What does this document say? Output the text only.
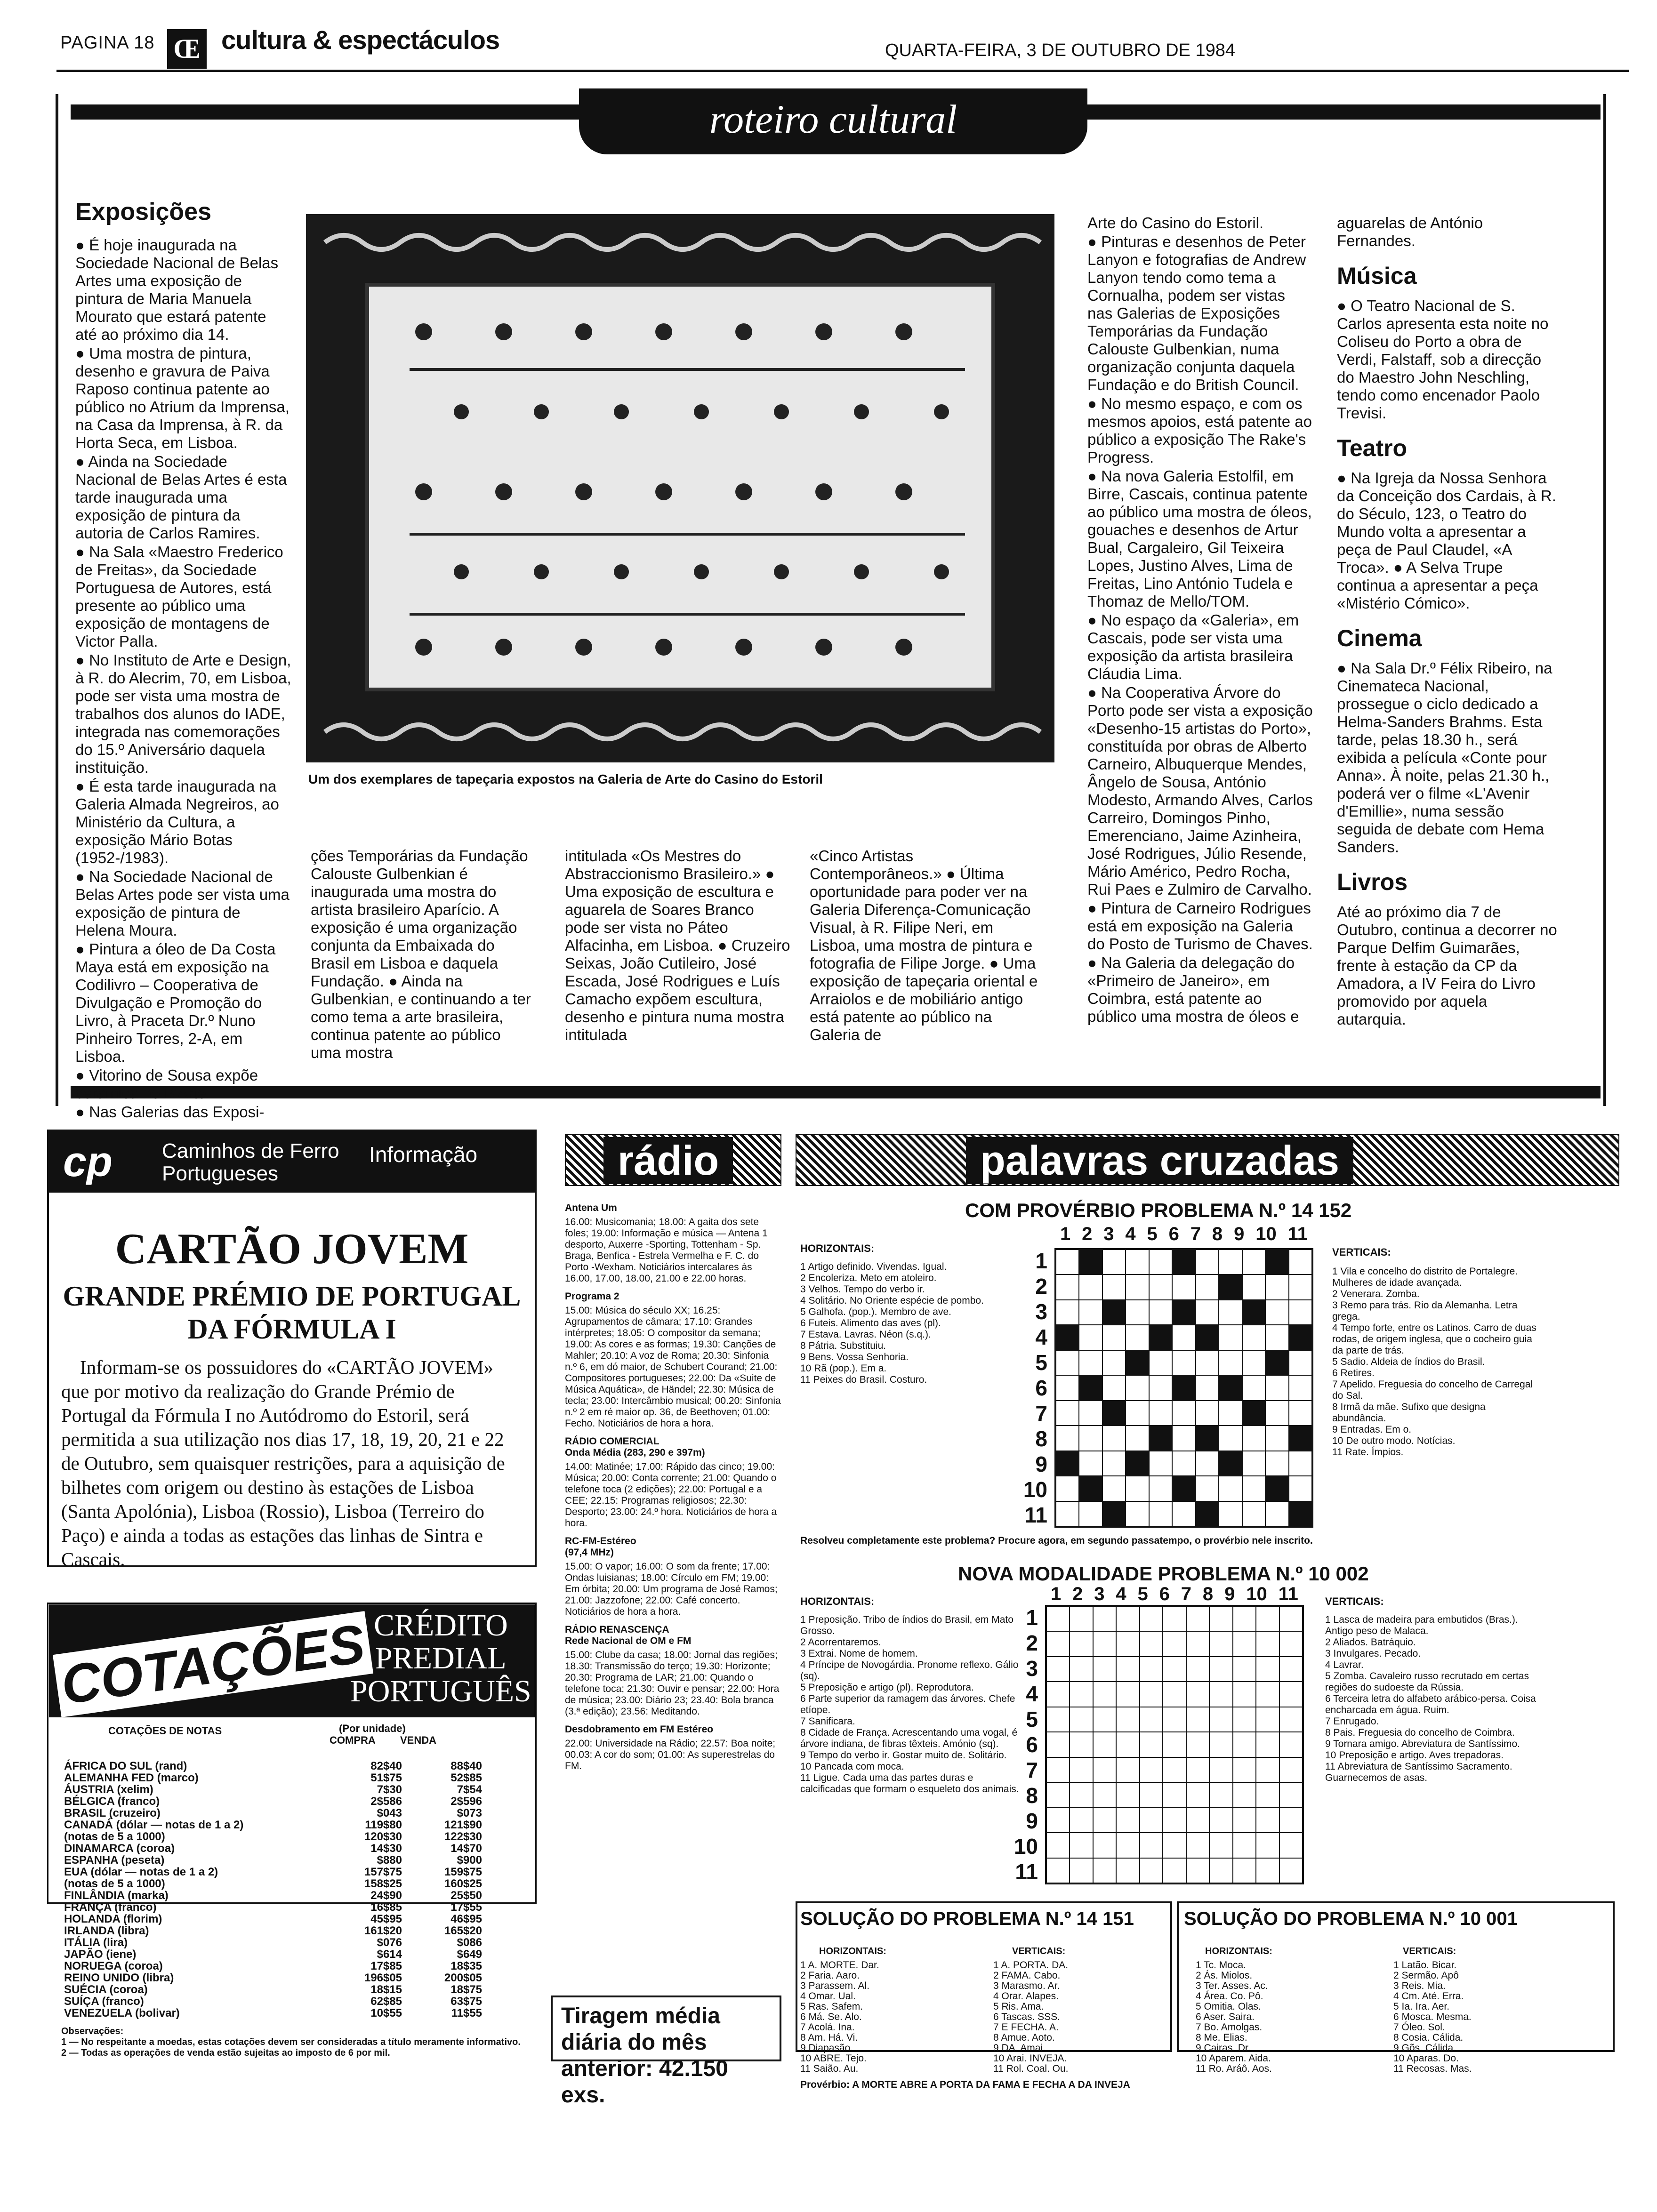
PAGINA 18 Œ cultura & espectáculos	QUARTA-FEIRA, 3 DE OUTUBRO DE 1984
roteiro cultural
Exposições

● É hoje inaugurada na Sociedade Nacional de Belas Artes uma exposição de pintura de Maria Manuela Mourato que estará patente até ao próximo dia 14.

● Uma mostra de pintura, desenho e gravura de Paiva Raposo continua patente ao público no Atrium da Imprensa, na Casa da Imprensa, à R. da Horta Seca, em Lisboa.

● Ainda na Sociedade Nacional de Belas Artes é esta tarde inaugurada uma exposição de pintura da autoria de Carlos Ramires.

● Na Sala «Maestro Frederico de Freitas», da Sociedade Portuguesa de Autores, está presente ao público uma exposição de montagens de Victor Palla.

● No Instituto de Arte e Design, à R. do Alecrim, 70, em Lisboa, pode ser vista uma mostra de trabalhos dos alunos do IADE, integrada nas comemorações do 15.º Aniversário daquela instituição.

● É esta tarde inaugurada na Galeria Almada Negreiros, ao Ministério da Cultura, a exposição Mário Botas (1952-/1983).

● Na Sociedade Nacional de Belas Artes pode ser vista uma exposição de pintura de Helena Moura.

● Pintura a óleo de Da Costa Maya está em exposição na Codilivro – Cooperativa de Divulgação e Promoção do Livro, à Praceta Dr.º Nuno Pinheiro Torres, 2-A, em Lisboa.

● Vitorino de Sousa expõe cerâmica no B'Arte.

● Nas Galerias das Exposi-

Um dos exemplares de tapeçaria expostos na Galeria de Arte do Casino do Estoril
ções Temporárias da Fundação Calouste Gulbenkian é inaugurada uma mostra do artista brasileiro Aparício. A exposição é uma organização conjunta da Embaixada do Brasil em Lisboa e daquela Fundação. ● Ainda na Gulbenkian, e continuando a ter como tema a arte brasileira, continua patente ao público uma mostra
intitulada «Os Mestres do Abstraccionismo Brasileiro.» ● Uma exposição de escultura e aguarela de Soares Branco pode ser vista no Páteo Alfacinha, em Lisboa. ● Cruzeiro Seixas, João Cutileiro, José Escada, José Rodrigues e Luís Camacho expõem escultura, desenho e pintura numa mostra intitulada
«Cinco Artistas Contemporâneos.» ● Última oportunidade para poder ver na Galeria Diferença-Comunicação Visual, à R. Filipe Neri, em Lisboa, uma mostra de pintura e fotografia de Filipe Jorge. ● Uma exposição de tapeçaria oriental e Arraiolos e de mobiliário antigo está patente ao público na Galeria de

Arte do Casino do Estoril.

● Pinturas e desenhos de Peter Lanyon e fotografias de Andrew Lanyon tendo como tema a Cornualha, podem ser vistas nas Galerias de Exposições Temporárias da Fundação Calouste Gulbenkian, numa organização conjunta daquela Fundação e do British Council.

● No mesmo espaço, e com os mesmos apoios, está patente ao público a exposição The Rake's Progress.

● Na nova Galeria Estolfil, em Birre, Cascais, continua patente ao público uma mostra de óleos, gouaches e desenhos de Artur Bual, Cargaleiro, Gil Teixeira Lopes, Justino Alves, Lima de Freitas, Lino António Tudela e Thomaz de Mello/TOM.

● No espaço da «Galeria», em Cascais, pode ser vista uma exposição da artista brasileira Cláudia Lima.

● Na Cooperativa Árvore do Porto pode ser vista a exposição «Desenho-15 artistas do Porto», constituída por obras de Alberto Carneiro, Albuquerque Mendes, Ângelo de Sousa, António Modesto, Armando Alves, Carlos Carreiro, Domingos Pinho, Emerenciano, Jaime Azinheira, José Rodrigues, Júlio Resende, Mário Américo, Pedro Rocha, Rui Paes e Zulmiro de Carvalho.

● Pintura de Carneiro Rodrigues está em exposição na Galeria do Posto de Turismo de Chaves.

● Na Galeria da delegação do «Primeiro de Janeiro», em Coimbra, está patente ao público uma mostra de óleos e

aguarelas de António Fernandes.

Música

● O Teatro Nacional de S. Carlos apresenta esta noite no Coliseu do Porto a obra de Verdi, Falstaff, sob a direcção do Maestro John Neschling, tendo como encenador Paolo Trevisi.

Teatro

● Na Igreja da Nossa Senhora da Conceição dos Cardais, à R. do Século, 123, o Teatro do Mundo volta a apresentar a peça de Paul Claudel, «A Troca». ● A Selva Trupe continua a apresentar a peça «Mistério Cómico».

Cinema

● Na Sala Dr.º Félix Ribeiro, na Cinemateca Nacional, prossegue o ciclo dedicado a Helma-Sanders Brahms. Esta tarde, pelas 18.30 h., será exibida a película «Conte pour Anna». À noite, pelas 21.30 h., poderá ver o filme «L'Avenir d'Emillie», numa sessão seguida de debate com Hema Sanders.

Livros

Até ao próximo dia 7 de Outubro, continua a decorrer no Parque Delfim Guimarães, frente à estação da CP da Amadora, a IV Feira do Livro promovido por aquela autarquia.

cp Caminhos de Ferro
Portugueses
Informação
CARTÃO JOVEM
GRANDE PRÉMIO DE PORTUGAL
DA FÓRMULA I
Informam-se os possuidores do «CARTÃO JOVEM» que por motivo da realização do Grande Prémio de Portugal da Fórmula I no Autódromo do Estoril, será permitida a sua utilização nos dias 17, 18, 19, 20, 21 e 22 de Outubro, sem quaisquer restrições, para a aquisição de bilhetes com origem ou destino às estações de Lisboa (Santa Apolónia), Lisboa (Rossio), Lisboa (Terreiro do Paço) e ainda a todas as estações das linhas de Sintra e Cascais.
COTAÇÕES CRÉDITO
PREDIAL
PORTUGUÊS
COTAÇÕES DE NOTAS	(Por unidade)
COMPRA VENDA
ÁFRICA DO SUL (rand)	82$40	88$40
ALEMANHA FED (marco)	51$75	52$85
ÁUSTRIA (xelim)	7$30	7$54
BÉLGICA (franco)	2$586	2$596
BRASIL (cruzeiro)	$043	$073
CANADÁ (dólar — notas de 1 a 2)	119$80	121$90
(notas de 5 a 1000)	120$30	122$30
DINAMARCA (coroa)	14$30	14$70
ESPANHA (peseta)	$880	$900
EUA (dólar — notas de 1 a 2)	157$75	159$75
(notas de 5 a 1000)	158$25	160$25
FINLÂNDIA (marka)	24$90	25$50
FRANÇA (franco)	16$85	17$55
HOLANDA (florim)	45$95	46$95
IRLANDA (libra)	161$20	165$20
ITÁLIA (lira)	$076	$086
JAPÃO (iene)	$614	$649
NORUEGA (coroa)	17$85	18$35
REINO UNIDO (libra)	196$05	200$05
SUÉCIA (coroa)	18$15	18$75
SUÍÇA (franco)	62$85	63$75
VENEZUELA (bolivar)	10$55	11$55
Observações:
1 — No respeitante a moedas, estas cotações devem ser consideradas a título meramente informativo.
2 — Todas as operações de venda estão sujeitas ao imposto de 6 por mil.
rádio
Antena Um
16.00: Musicomania; 18.00: A gaita dos sete foles; 19.00: Informação e música — Antena 1 desporto, Auxerre -Sporting, Tottenham - Sp. Braga, Benfica - Estrela Vermelha e F. C. do Porto -Wexham. Noticiários intercalares às 16.00, 17.00, 18.00, 21.00 e 22.00 horas.
Programa 2
15.00: Música do século XX; 16.25: Agrupamentos de câmara; 17.10: Grandes intérpretes; 18.05: O compositor da semana; 19.00: As cores e as formas; 19.30: Canções de Mahler; 20.10: A voz de Roma; 20.30: Sinfonia n.º 6, em dó maior, de Schubert Courand; 21.00: Compositores portugueses; 22.00: Da «Suite de Música Aquática», de Händel; 22.30: Música de tecla; 23.00: Intercâmbio musical; 00.20: Sinfonia n.º 2 em ré maior op. 36, de Beethoven; 01.00: Fecho. Noticiários de hora a hora.
RÁDIO COMERCIAL
Onda Média (283, 290 e 397m)
14.00: Matinée; 17.00: Rápido das cinco; 19.00: Música; 20.00: Conta corrente; 21.00: Quando o telefone toca (2 edições); 22.00: Portugal e a CEE; 22.15: Programas religiosos; 22.30: Desporto; 23.00: 24.º hora. Noticiários de hora a hora.
RC-FM-Estéreo
(97,4 MHz)
15.00: O vapor; 16.00: O som da frente; 17.00: Ondas luisianas; 18.00: Círculo em FM; 19.00: Em órbita; 20.00: Um programa de José Ramos; 21.00: Jazzofone; 22.00: Café concerto. Noticiários de hora a hora.
RÁDIO RENASCENÇA
Rede Nacional de OM e FM
15.00: Clube da casa; 18.00: Jornal das regiões; 18.30: Transmissão do terço; 19.30: Horizonte; 20.30: Programa de LAR; 21.00: Quando o telefone toca; 21.30: Ouvir e pensar; 22.00: Hora de música; 23.00: Diário 23; 23.40: Bola branca (3.ª edição); 23.56: Meditando.
Desdobramento em FM Estéreo
22.00: Universidade na Rádio; 22.57: Boa noite; 00.03: A cor do som; 01.00: As superestrelas do FM.
Tiragem média diária do mês anterior: 42.150 exs.
palavras cruzadas
COM PROVÉRBIO PROBLEMA N.º 14 152
HORIZONTAIS:
1 Artigo definido. Vivendas. Igual.
2 Encoleriza. Meto em atoleiro.
3 Velhos. Tempo do verbo ir.
4 Solitário. No Oriente espécie de pombo.
5 Galhofa. (pop.). Membro de ave.
6 Futeis. Alimento das aves (pl).
7 Estava. Lavras. Néon (s.q.).
8 Pátria. Substituiu.
9 Bens. Vossa Senhoria.
10 Rã (pop.). Em a.
11 Peixes do Brasil. Costuro.
1 2 3 4 5 6 7 8 9 10 11
1
2
3
4
5
6
7
8
9
10
11
VERTICAIS:
1 Vila e concelho do distrito de Portalegre. Mulheres de idade avançada.
2 Venerara. Zomba.
3 Remo para trás. Rio da Alemanha. Letra grega.
4 Tempo forte, entre os Latinos. Carro de duas rodas, de origem inglesa, que o cocheiro guia da parte de trás.
5 Sadio. Aldeia de índios do Brasil.
6 Retires.
7 Apelido. Freguesia do concelho de Carregal do Sal.
8 Irmã da mãe. Sufixo que designa abundância.
9 Entradas. Em o.
10 De outro modo. Notícias.
11 Rate. Ímpios.
Resolveu completamente este problema? Procure agora, em segundo passatempo, o provérbio nele inscrito.
NOVA MODALIDADE PROBLEMA N.º 10 002
HORIZONTAIS:
1 Preposição. Tribo de índios do Brasil, em Mato Grosso.
2 Acorrentaremos.
3 Extrai. Nome de homem.
4 Príncipe de Novogárdia. Pronome reflexo. Gálio (sq).
5 Preposição e artigo (pl). Reprodutora.
6 Parte superior da ramagem das árvores. Chefe etíope.
7 Sanificara.
8 Cidade de França. Acrescentando uma vogal, é árvore indiana, de fibras têxteis. Amónio (sq).
9 Tempo do verbo ir. Gostar muito de. Solitário.
10 Pancada com moca.
11 Ligue. Cada uma das partes duras e calcificadas que formam o esqueleto dos animais.
1 2 3 4 5 6 7 8 9 10 11
1
2
3
4
5
6
7
8
9
10
11
VERTICAIS:
1 Lasca de madeira para embutidos (Bras.). Antigo peso de Malaca.
2 Aliados. Batráquio.
3 Invulgares. Pecado.
4 Lavrar.
5 Zomba. Cavaleiro russo recrutado em certas regiões do sudoeste da Rússia.
6 Terceira letra do alfabeto arábico-persa. Coisa encharcada em água. Ruim.
7 Enrugado.
8 Pais. Freguesia do concelho de Coimbra.
9 Tornara amigo. Abreviatura de Santíssimo.
10 Preposição e artigo. Aves trepadoras.
11 Abreviatura de Santíssimo Sacramento. Guarnecemos de asas.
SOLUÇÃO DO PROBLEMA N.º 14 151
HORIZONTAIS:
1 A. MORTE. Dar.
2 Faria. Aaro.
3 Parassem. Al.
4 Omar. Ual.
5 Ras. Safem.
6 Má. Se. Alo.
7 Acolá. Ina.
8 Am. Há. Vi.
9 Diapasão.
10 ABRE. Tejo.
11 Saião. Au.
VERTICAIS:
1 A. PORTA. DA.
2 FAMA. Cabo.
3 Marasmo. Ar.
4 Orar. Alapes.
5 Ris. Ama.
6 Tascas. SSS.
7 E FECHA. A.
8 Amue. Aoto.
9 DA. Amai.
10 Arai. INVEJA.
11 Rol. Coal. Ou.
Provérbio: A MORTE ABRE A PORTA DA FAMA E FECHA A DA INVEJA
SOLUÇÃO DO PROBLEMA N.º 10 001
HORIZONTAIS:
1 Tc. Moca.
2 Ás. Miolos.
3 Ter. Asses. Ac.
4 Área. Co. Pô.
5 Omitia. Olas.
6 Aser. Saira.
7 Bo. Amolgas.
8 Me. Elias.
9 Cairas. Dr.
10 Aparem. Aida.
11 Ro. Aráô. Aos.
VERTICAIS:
1 Latão. Bicar.
2 Sermão. Apô
3 Reis. Mia.
4 Cm. Até. Erra.
5 Ia. Ira. Aer.
6 Mosca. Mesma.
7 Óleo. Sol.
8 Cosia. Cálida.
9 Gõs. Cálida.
10 Aparas. Do.
11 Recosas. Mas.
